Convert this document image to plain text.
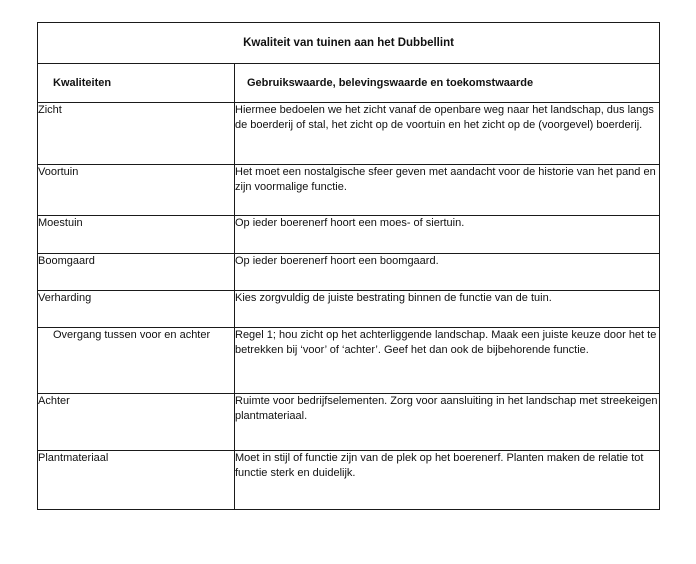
Kwaliteit van tuinen aan het Dubbellint	
Kwaliteiten	Gebruikswaarde, belevingswaarde en toekomstwaarde
Zicht	Hiermee bedoelen we het zicht vanaf de openbare weg naar het landschap, dus langs de boerderij of stal, het zicht op de voortuin en het zicht op de (voorgevel) boerderij.
Voortuin	Het moet een nostalgische sfeer geven met aandacht voor de historie van het pand en zijn voormalige functie.
Moestuin	Op ieder boerenerf hoort een moes- of siertuin.
Boomgaard	Op ieder boerenerf hoort een boomgaard.
Verharding	Kies zorgvuldig de juiste bestrating binnen de functie van de tuin.
Overgang tussen voor en achter	Regel 1; hou zicht op het achterliggende landschap. Maak een juiste keuze door het te betrekken bij ‘voor’ of ‘achter’. Geef het dan ook de bijbehorende functie.
Achter	Ruimte voor bedrijfselementen. Zorg voor aansluiting in het landschap met streekeigen plantmateriaal.
Plantmateriaal	Moet in stijl of functie zijn van de plek op het boerenerf. Planten maken de relatie tot functie sterk en duidelijk.
